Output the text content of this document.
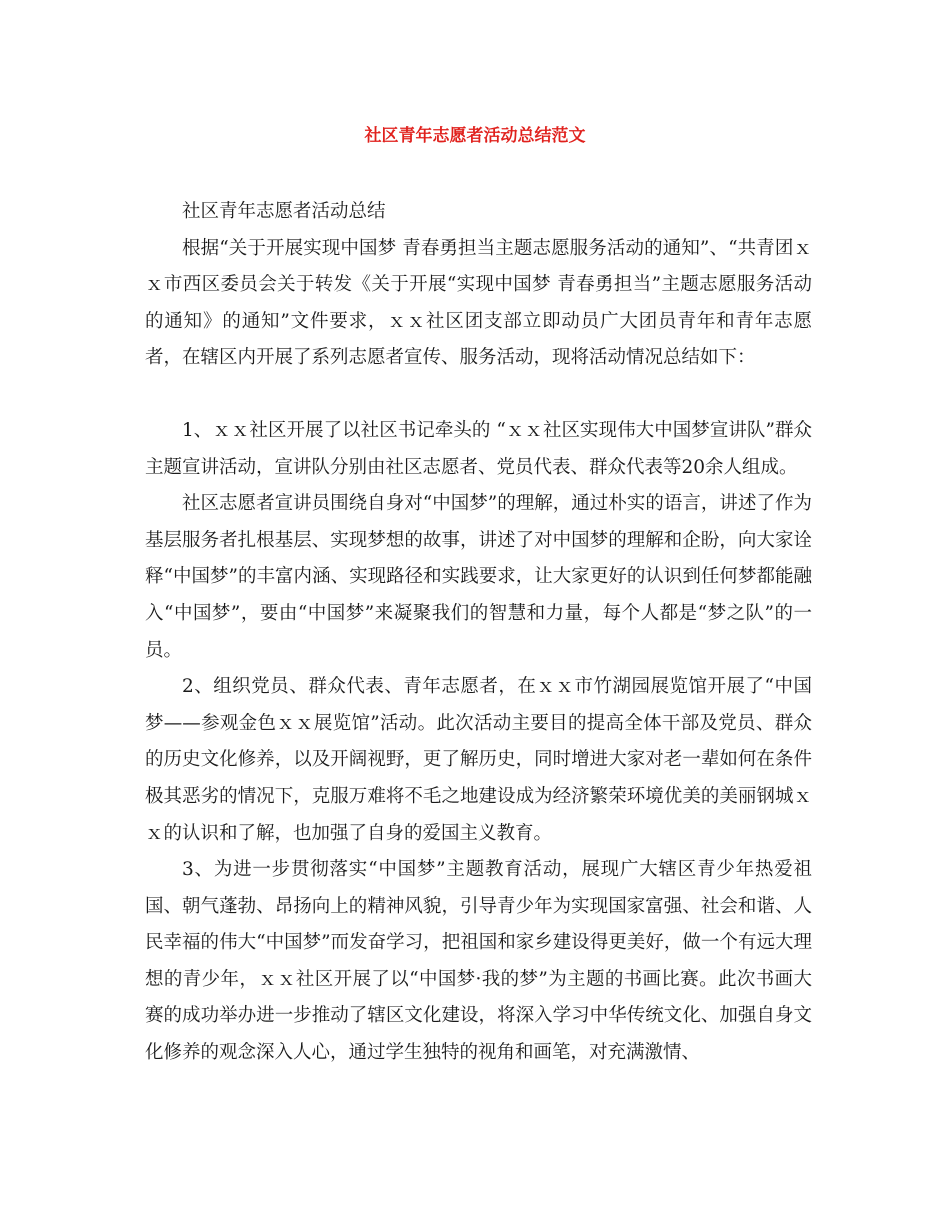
社区青年志愿者活动总结范文

社区青年志愿者活动总结

根据“关于开展实现中国梦 青春勇担当主题志愿服务活动的通知”、“共青团ｘｘ市西区委员会关于转发《关于开展“实现中国梦 青春勇担当”主题志愿服务活动的通知》的通知”文件要求，ｘｘ社区团支部立即动员广大团员青年和青年志愿者，在辖区内开展了系列志愿者宣传、服务活动，现将活动情况总结如下：

1、ｘｘ社区开展了以社区书记牵头的 “ｘｘ社区实现伟大中国梦宣讲队”群众主题宣讲活动，宣讲队分别由社区志愿者、党员代表、群众代表等20余人组成。

社区志愿者宣讲员围绕自身对“中国梦”的理解，通过朴实的语言，讲述了作为基层服务者扎根基层、实现梦想的故事，讲述了对中国梦的理解和企盼，向大家诠释“中国梦”的丰富内涵、实现路径和实践要求，让大家更好的认识到任何梦都能融入“中国梦”，要由“中国梦”来凝聚我们的智慧和力量，每个人都是“梦之队”的一员。

2、组织党员、群众代表、青年志愿者，在ｘｘ市竹湖园展览馆开展了“中国梦——参观金色ｘｘ展览馆”活动。此次活动主要目的提高全体干部及党员、群众的历史文化修养，以及开阔视野，更了解历史，同时增进大家对老一辈如何在条件极其恶劣的情况下，克服万难将不毛之地建设成为经济繁荣环境优美的美丽钢城ｘｘ的认识和了解，也加强了自身的爱国主义教育。

3、为进一步贯彻落实“中国梦”主题教育活动，展现广大辖区青少年热爱祖国、朝气蓬勃、昂扬向上的精神风貌，引导青少年为实现国家富强、社会和谐、人民幸福的伟大“中国梦”而发奋学习，把祖国和家乡建设得更美好，做一个有远大理想的青少年，ｘｘ社区开展了以“中国梦·我的梦”为主题的书画比赛。此次书画大赛的成功举办进一步推动了辖区文化建设，将深入学习中华传统文化、加强自身文化修养的观念深入人心，通过学生独特的视角和画笔，对充满激情、
